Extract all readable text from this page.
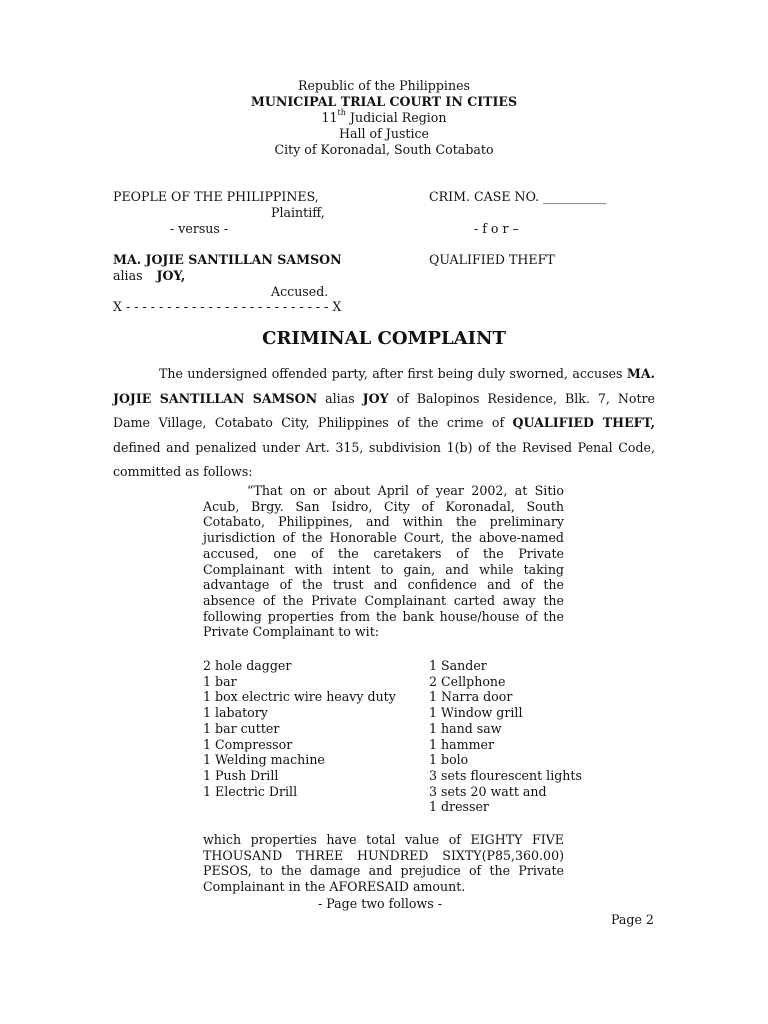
Republic of the Philippines
MUNICIPAL TRIAL COURT IN CITIES
11th Judicial Region
Hall of Justice
City of Koronadal, South Cotabato
PEOPLE OF THE PHILIPPINES,
Plaintiff,
- versus -
MA. JOJIE SANTILLAN SAMSON
alias JOY,
Accused.
X - - - - - - - - - - - - - - - - - - - - - - - - - X
CRIM. CASE NO. __________
- f o r –
QUALIFIED THEFT
CRIMINAL COMPLAINT

The undersigned offended party, after first being duly sworned, accuses MA. JOJIE SANTILLAN SAMSON alias JOY of Balopinos Residence, Blk. 7, Notre Dame Village, Cotabato City, Philippines of the crime of QUALIFIED THEFT, defined and penalized under Art. 315, subdivision 1(b) of the Revised Penal Code, committed as follows:

“That on or about April of year 2002, at Sitio Acub, Brgy. San Isidro, City of Koronadal, South Cotabato, Philippines, and within the preliminary jurisdiction of the Honorable Court, the above-named accused, one of the caretakers of the Private Complainant with intent to gain, and while taking advantage of the trust and confidence and of the absence of the Private Complainant carted away the following properties from the bank house/house of the Private Complainant to wit:

2 hole dagger
1 bar
1 box electric wire heavy duty
1 labatory
1 bar cutter
1 Compressor
1 Welding machine
1 Push Drill
1 Electric Drill
1 Sander
2 Cellphone
1 Narra door
1 Window grill
1 hand saw
1 hammer
1 bolo
3 sets flourescent lights
3 sets 20 watt and
1 dresser

which properties have total value of EIGHTY FIVE THOUSAND THREE HUNDRED SIXTY(P85,360.00) PESOS, to the damage and prejudice of the Private Complainant in the AFORESAID amount.

- Page two follows -
Page 2
